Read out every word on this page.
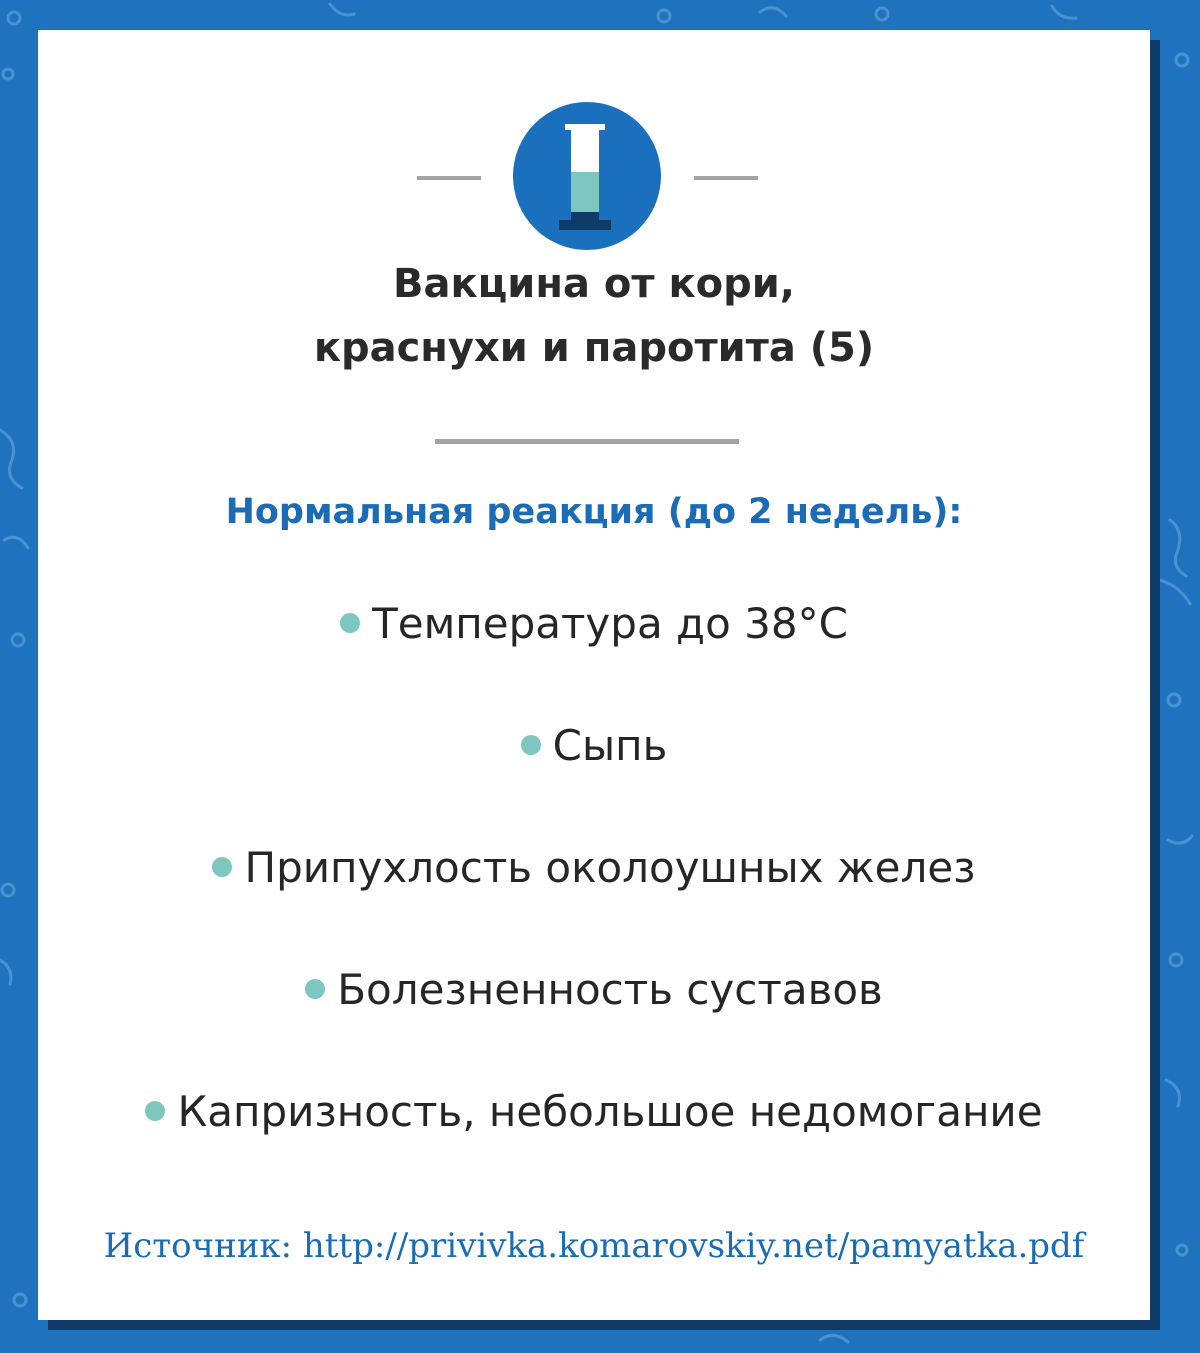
Вакцина от кори,
краснухи и паротита (5)
Нормальная реакция (до 2 недель):
Температура до 38°С
Сыпь
Припухлость околоушных желез
Болезненность суставов
Капризность, небольшое недомогание
Источник: http://privivka.komarovskiy.net/pamyatka.pdf
